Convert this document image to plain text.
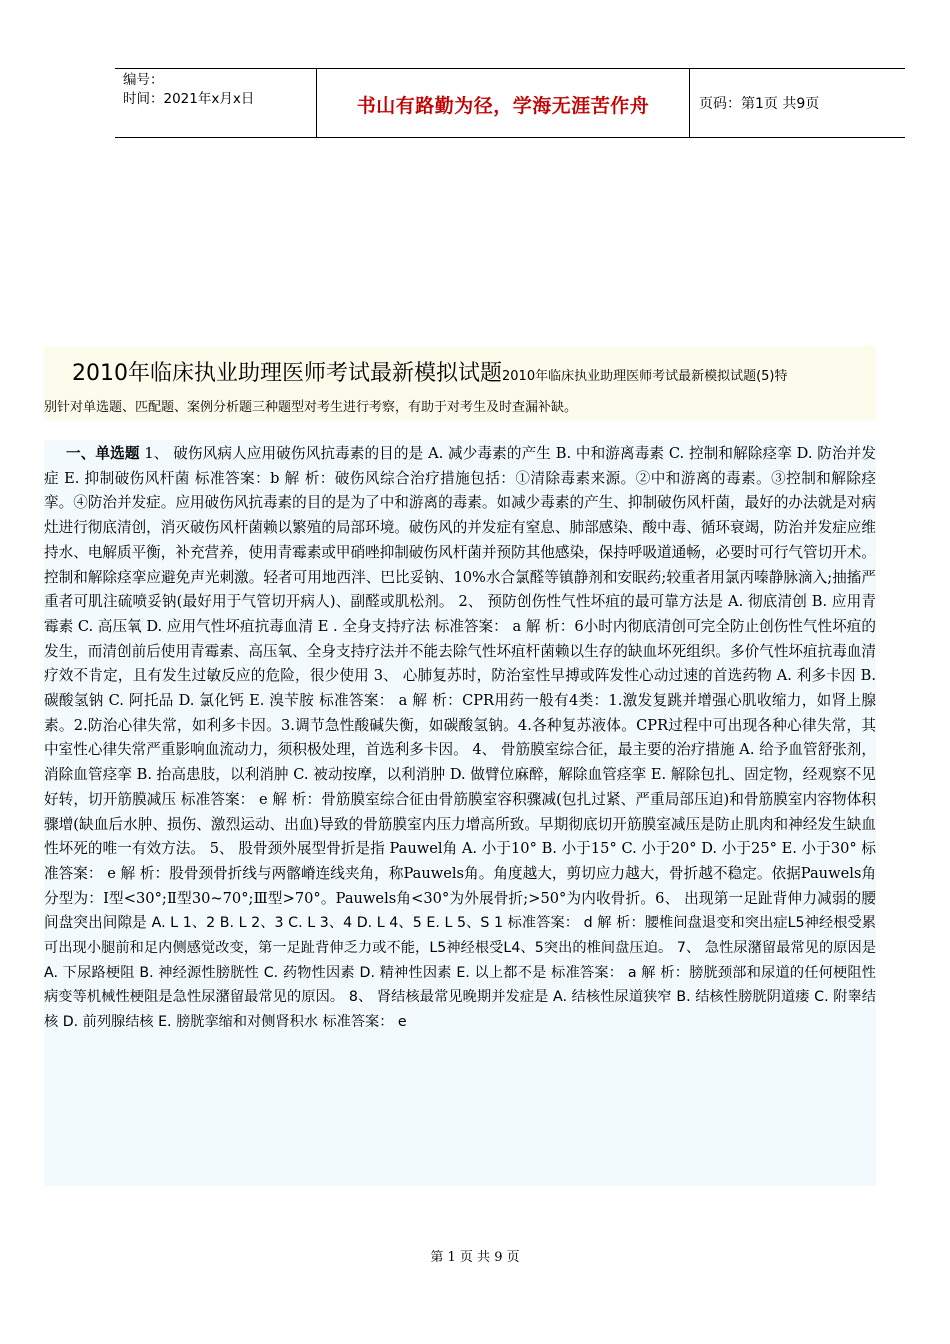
编号：
时间：2021年x月x日	书山有路勤为径，学海无涯苦作舟	页码：第1页 共9页
2010年临床执业助理医师考试最新模拟试题2010年临床执业助理医师考试最新模拟试题(5)特
别针对单选题、匹配题、案例分析题三种题型对考生进行考察，有助于对考生及时查漏补缺。
一、单选题 1、 破伤风病人应用破伤风抗毒素的目的是 A. 减少毒素的产生 B. 中和游离毒素 C. 控制和解除痉挛 D. 防治并发症 E. 抑制破伤风杆菌 标准答案：b 解 析：破伤风综合治疗措施包括：①清除毒素来源。②中和游离的毒素。③控制和解除痉挛。④防治并发症。应用破伤风抗毒素的目的是为了中和游离的毒素。如减少毒素的产生、抑制破伤风杆菌，最好的办法就是对病灶进行彻底清创，消灭破伤风杆菌赖以繁殖的局部环境。破伤风的并发症有窒息、肺部感染、酸中毒、循环衰竭，防治并发症应维持水、电解质平衡，补充营养，使用青霉素或甲硝唑抑制破伤风杆菌并预防其他感染，保持呼吸道通畅，必要时可行气管切开术。控制和解除痉挛应避免声光刺激。轻者可用地西泮、巴比妥钠、10%水合氯醛等镇静剂和安眠药;较重者用氯丙嗪静脉滴入;抽搐严重者可肌注硫喷妥钠(最好用于气管切开病人)、副醛或肌松剂。 2、 预防创伤性气性坏疽的最可靠方法是 A. 彻底清创 B. 应用青霉素 C. 高压氧 D. 应用气性坏疽抗毒血清 E . 全身支持疗法 标准答案： a 解 析：6小时内彻底清创可完全防止创伤性气性坏疽的发生，而清创前后使用青霉素、高压氧、全身支持疗法并不能去除气性坏疽杆菌赖以生存的缺血坏死组织。多价气性坏疽抗毒血清疗效不肯定，且有发生过敏反应的危险，很少使用 3、 心肺复苏时，防治室性早搏或阵发性心动过速的首选药物 A. 利多卡因 B. 碳酸氢钠 C. 阿托品 D. 氯化钙 E. 溴苄胺 标准答案： a 解 析：CPR用药一般有4类：1.激发复跳并增强心肌收缩力，如肾上腺素。2.防治心律失常，如利多卡因。3.调节急性酸碱失衡，如碳酸氢钠。4.各种复苏液体。CPR过程中可出现各种心律失常，其中室性心律失常严重影响血流动力，须积极处理，首选利多卡因。 4、 骨筋膜室综合征，最主要的治疗措施 A. 给予血管舒张剂，消除血管痉挛 B. 抬高患肢，以利消肿 C. 被动按摩，以利消肿 D. 做臂位麻醉，解除血管痉挛 E. 解除包扎、固定物，经观察不见好转，切开筋膜减压 标准答案： e 解 析：骨筋膜室综合征由骨筋膜室容积骤减(包扎过紧、严重局部压迫)和骨筋膜室内容物体积骤增(缺血后水肿、损伤、激烈运动、出血)导致的骨筋膜室内压力增高所致。早期彻底切开筋膜室减压是防止肌肉和神经发生缺血性坏死的唯一有效方法。 5、 股骨颈外展型骨折是指 Pauwel角 A. 小于10° B. 小于15° C. 小于20° D. 小于25° E. 小于30° 标准答案： e 解 析：股骨颈骨折线与两髂嵴连线夹角，称Pauwels角。角度越大，剪切应力越大，骨折越不稳定。依据Pauwels角分型为：Ⅰ型<30°;Ⅱ型30~70°;Ⅲ型>70°。Pauwels角<30°为外展骨折;>50°为内收骨折。6、 出现第一足趾背伸力减弱的腰间盘突出间隙是 A. L 1、2 B. L 2、3 C. L 3、4 D. L 4、5 E. L 5、S 1 标准答案： d 解 析：腰椎间盘退变和突出症L5神经根受累可出现小腿前和足内侧感觉改变，第一足趾背伸乏力或不能，L5神经根受L4、5突出的椎间盘压迫。 7、 急性尿潴留最常见的原因是 A. 下尿路梗阻 B. 神经源性膀胱性 C. 药物性因素 D. 精神性因素 E. 以上都不是 标准答案： a 解 析：膀胱颈部和尿道的任何梗阻性病变等机械性梗阻是急性尿潴留最常见的原因。 8、 肾结核最常见晚期并发症是 A. 结核性尿道狭窄 B. 结核性膀胱阴道瘘 C. 附睾结核 D. 前列腺结核 E. 膀胱挛缩和对侧肾积水 标准答案： e
第 1 页 共 9 页
